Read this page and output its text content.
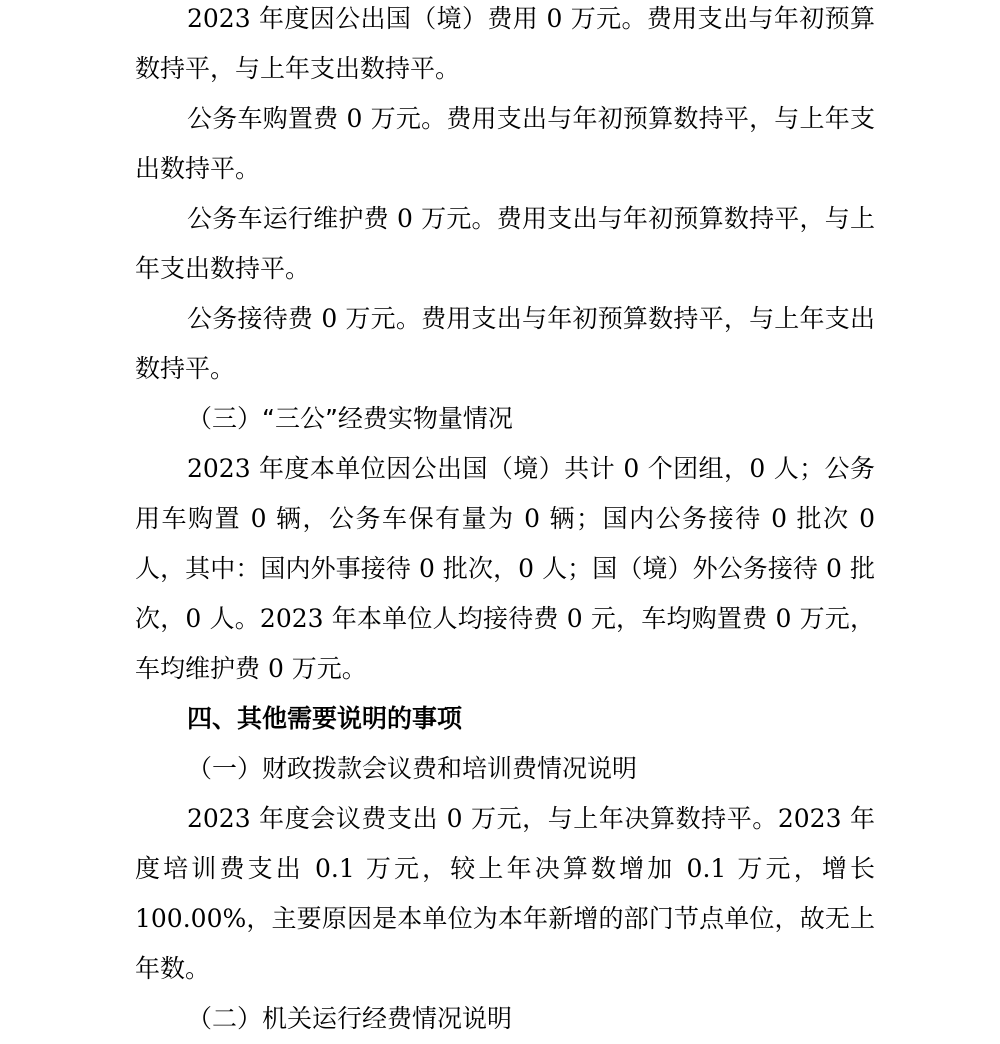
2023 年度因公出国（境）费用 0 万元。费用支出与年初预算数持平，与上年支出数持平。

公务车购置费 0 万元。费用支出与年初预算数持平，与上年支出数持平。

公务车运行维护费 0 万元。费用支出与年初预算数持平，与上年支出数持平。

公务接待费 0 万元。费用支出与年初预算数持平，与上年支出数持平。

（三）“三公”经费实物量情况

2023 年度本单位因公出国（境）共计 0 个团组，0 人；公务用车购置 0 辆，公务车保有量为 0 辆；国内公务接待 0 批次 0 人，其中：国内外事接待 0 批次，0 人；国（境）外公务接待 0 批次，0 人。2023 年本单位人均接待费 0 元，车均购置费 0 万元，车均维护费 0 万元。

四、其他需要说明的事项

（一）财政拨款会议费和培训费情况说明

2023 年度会议费支出 0 万元，与上年决算数持平。2023 年度培训费支出 0.1 万元，较上年决算数增加 0.1 万元，增长 100.00%，主要原因是本单位为本年新增的部门节点单位，故无上年数。

（二）机关运行经费情况说明
